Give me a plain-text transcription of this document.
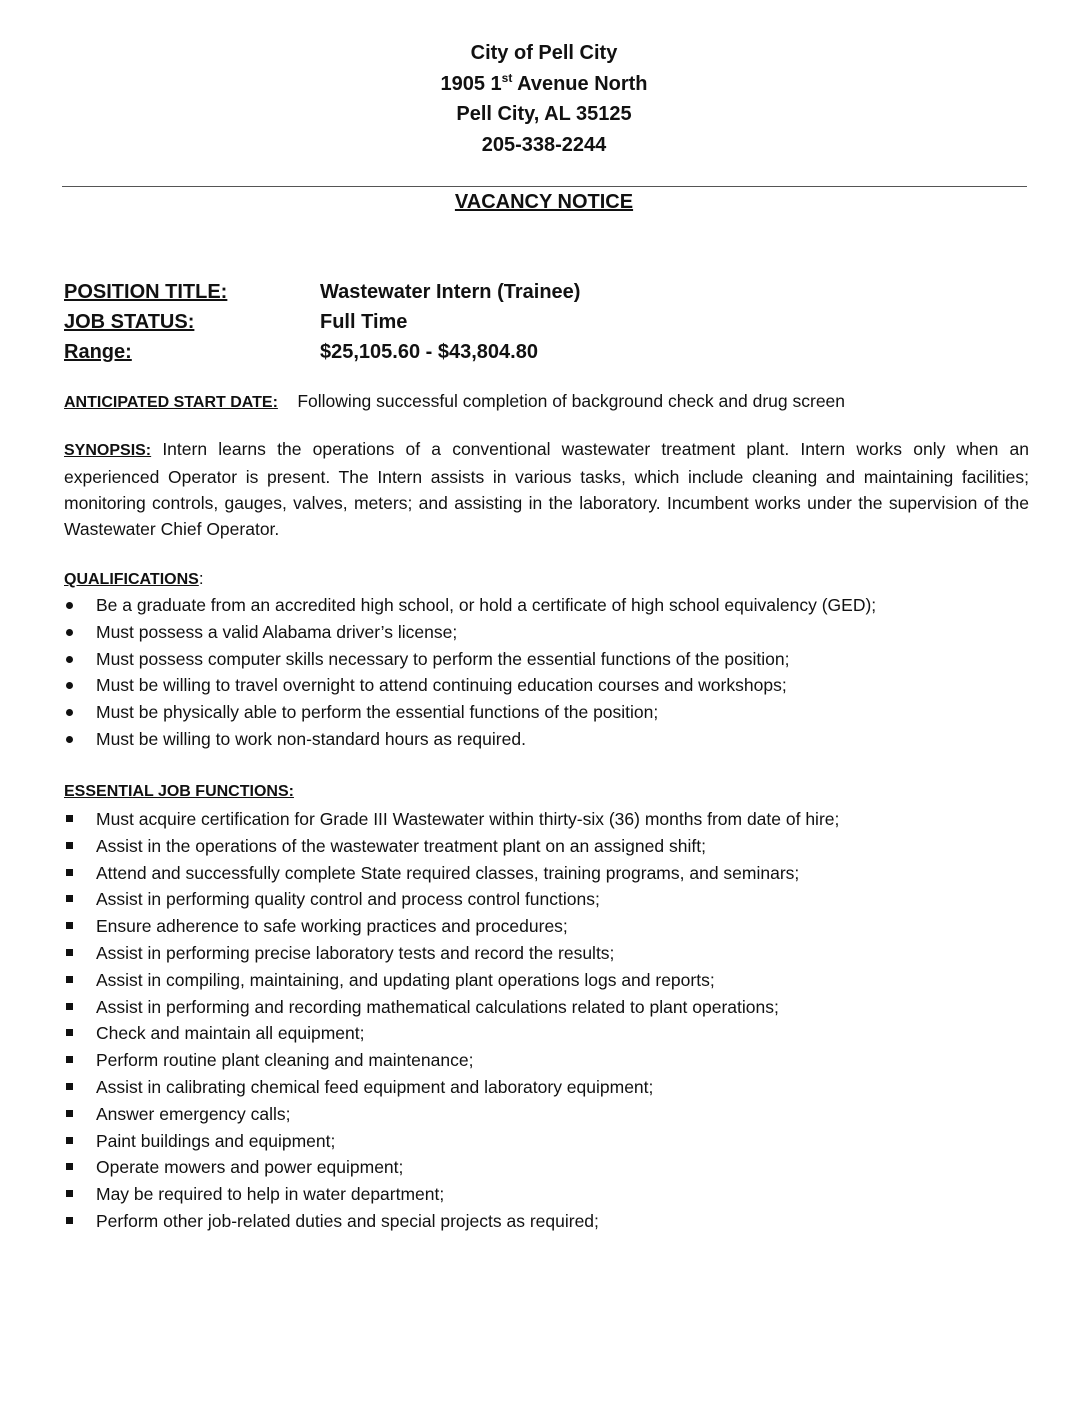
City of Pell City
1905 1st Avenue North
Pell City, AL 35125
205-338-2244
VACANCY NOTICE
POSITION TITLE:	Wastewater Intern (Trainee)
JOB STATUS:	Full Time
Range:	$25,105.60 - $43,804.80
ANTICIPATED START DATE: Following successful completion of background check and drug screen
SYNOPSIS: Intern learns the operations of a conventional wastewater treatment plant. Intern works only when an experienced Operator is present. The Intern assists in various tasks, which include cleaning and maintaining facilities; monitoring controls, gauges, valves, meters; and assisting in the laboratory. Incumbent works under the supervision of the Wastewater Chief Operator.
QUALIFICATIONS:
Be a graduate from an accredited high school, or hold a certificate of high school equivalency (GED);
Must possess a valid Alabama driver’s license;
Must possess computer skills necessary to perform the essential functions of the position;
Must be willing to travel overnight to attend continuing education courses and workshops;
Must be physically able to perform the essential functions of the position;
Must be willing to work non-standard hours as required.
ESSENTIAL JOB FUNCTIONS:
Must acquire certification for Grade III Wastewater within thirty-six (36) months from date of hire;
Assist in the operations of the wastewater treatment plant on an assigned shift;
Attend and successfully complete State required classes, training programs, and seminars;
Assist in performing quality control and process control functions;
Ensure adherence to safe working practices and procedures;
Assist in performing precise laboratory tests and record the results;
Assist in compiling, maintaining, and updating plant operations logs and reports;
Assist in performing and recording mathematical calculations related to plant operations;
Check and maintain all equipment;
Perform routine plant cleaning and maintenance;
Assist in calibrating chemical feed equipment and laboratory equipment;
Answer emergency calls;
Paint buildings and equipment;
Operate mowers and power equipment;
May be required to help in water department;
Perform other job-related duties and special projects as required;
